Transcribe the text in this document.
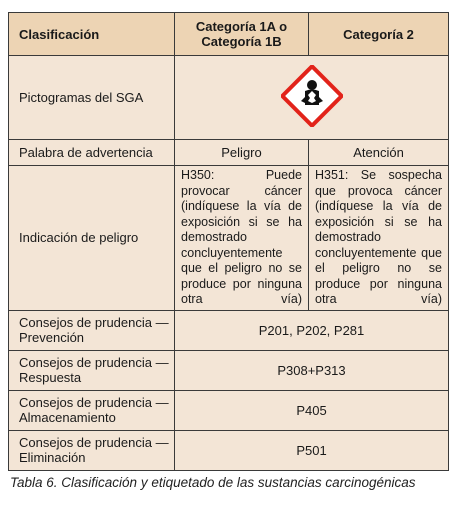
Clasificación	Categoría 1A o Categoría 1B	Categoría 2
Pictogramas del SGA	
Palabra de advertencia	Peligro	Atención
Indicación de peligro	H350: Puede provocar cáncer (indíquese la vía de exposición si se ha demostrado concluyentemente que el peligro no se produce por ninguna otra vía)	H351: Se sospecha que provoca cáncer (indíquese la vía de exposición si se ha demostrado concluyentemente que el peligro no se produce por ninguna otra vía)
Consejos de prudencia — Prevención	P201, P202, P281	
Consejos de prudencia — Respuesta	P308+P313	
Consejos de prudencia — Almacenamiento	P405	
Consejos de prudencia — Eliminación	P501	
Tabla 6. Clasificación y etiquetado de las sustancias carcinogénicas
